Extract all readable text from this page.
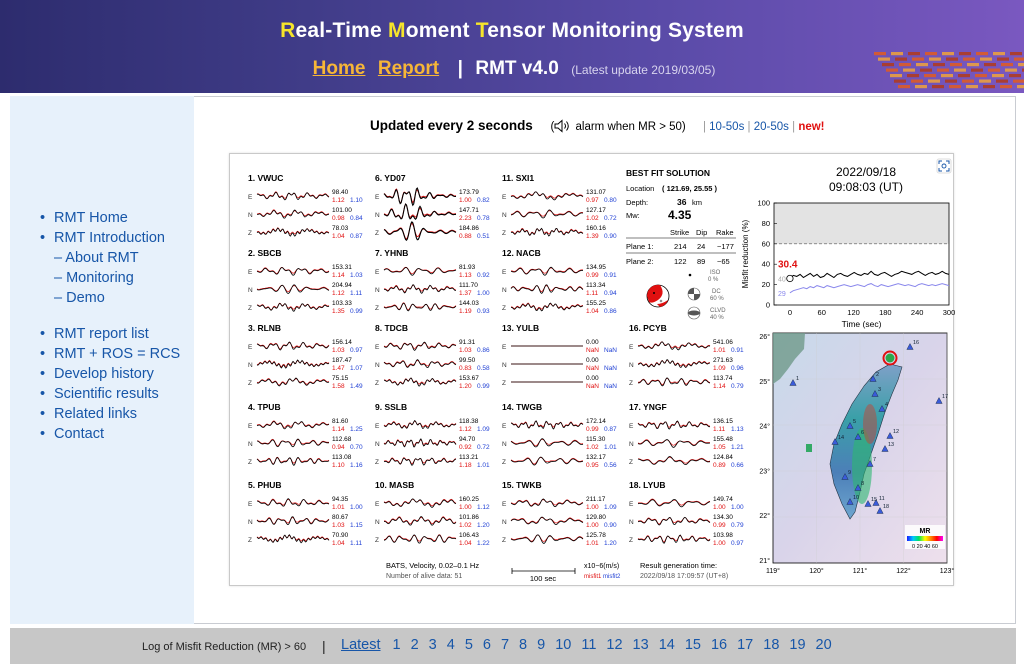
Real-Time Moment Tensor Monitoring System
Home Report | RMT v4.0 (Latest update 2019/03/05)
• RMT Home
• RMT Introduction
– About RMT
– Monitoring
– Demo
• RMT report list
• RMT + ROS = RCS
• Develop history
• Scientific results
• Related links
• Contact
Updated every 2 seconds ( alarm when MR > 50) | 10-50s | 20-50s | new!
1. VWUC
E
98.40
1.12 1.10
N
101.00
0.98 0.84
Z
78.03
1.04 0.87
2. SBCB
E
153.31
1.14 1.03
N
204.94
1.12 1.11
Z
103.33
1.35 0.99
3. RLNB
E
156.14
1.03 0.97
N
187.47
1.47 1.07
Z
75.15
1.58 1.49
4. TPUB
E
81.60
1.14 1.25
N
112.68
0.94 0.70
Z
113.08
1.10 1.16
5. PHUB
E
94.35
1.01 1.00
N
80.67
1.03 1.15
Z
70.90
1.04 1.11
6. YD07
E
173.79
1.00 0.82
N
147.71
2.23 0.78
Z
184.86
0.88 0.51
7. YHNB
E
81.93
1.13 0.92
N
111.70
1.37 1.00
Z
144.03
1.19 0.93
8. TDCB
E
91.31
1.03 0.86
N
99.50
0.83 0.58
Z
153.67
1.20 0.99
9. SSLB
E
118.38
1.12 1.09
N
94.70
0.92 0.72
Z
113.21
1.18 1.01
10. MASB
E
160.25
1.00 1.12
N
101.86
1.02 1.20
Z
106.43
1.04 1.22
11. SXI1
E
131.07
0.97 0.80
N
127.17
1.02 0.72
Z
160.16
1.39 0.90
12. NACB
E
134.95
0.99 0.91
N
113.34
1.11 0.94
Z
155.25
1.04 0.86
13. YULB
E
0.00
NaN NaN
N
0.00
NaN NaN
Z
0.00
NaN NaN
14. TWGB
E
172.14
0.99 0.87
N
115.30
1.02 1.01
Z
132.17
0.95 0.56
15. TWKB
E
211.17
1.00 1.09
N
129.80
1.00 0.90
Z
125.78
1.01 1.20
16. PCYB
E
541.06
1.01 0.91
N
271.63
1.09 0.96
Z
113.74
1.14 0.79
17. YNGF
E
136.15
1.11 1.13
N
155.48
1.05 1.21
Z
124.84
0.89 0.66
18. LYUB
E
149.74
1.00 1.00
N
134.30
0.99 0.79
Z
103.98
1.00 0.97
BEST FIT SOLUTION
Location ( 121.69, 25.55 )
Depth:	36 km
Mw: 4.35
Strike Dip Rake
Plane 1:	214 24 −177
Plane 2:	122 89 −65
ISO
0 %
DC
60 %
CLVD
40 %
2022/09/18
09:08:03 (UT)
100
80
60
40
20
0
0	60	120	180	240	300
Time (sec)
Misfit reduction (%)	30.4
40
29
16
1
17
2
12
3
4
5
13
6
7
8
9
10	11
14
15
18
26°
25°
24°
23°
22°
21°
119°	120°	121°	122°	123°
MR
0 20 40 60
BATS, Velocity, 0.02–0.1 Hz
Number of alive data: 51	100 sec
x10−6(m/s)
misfit1 misfit2
Result generation time:
2022/09/18 17:09:57 (UT+8)
Log of Misfit Reduction (MR) > 60 | Latest 1 2 3 4 5 6 7 8 9 10 11 12 13 14 15 16 17 18 19 20
